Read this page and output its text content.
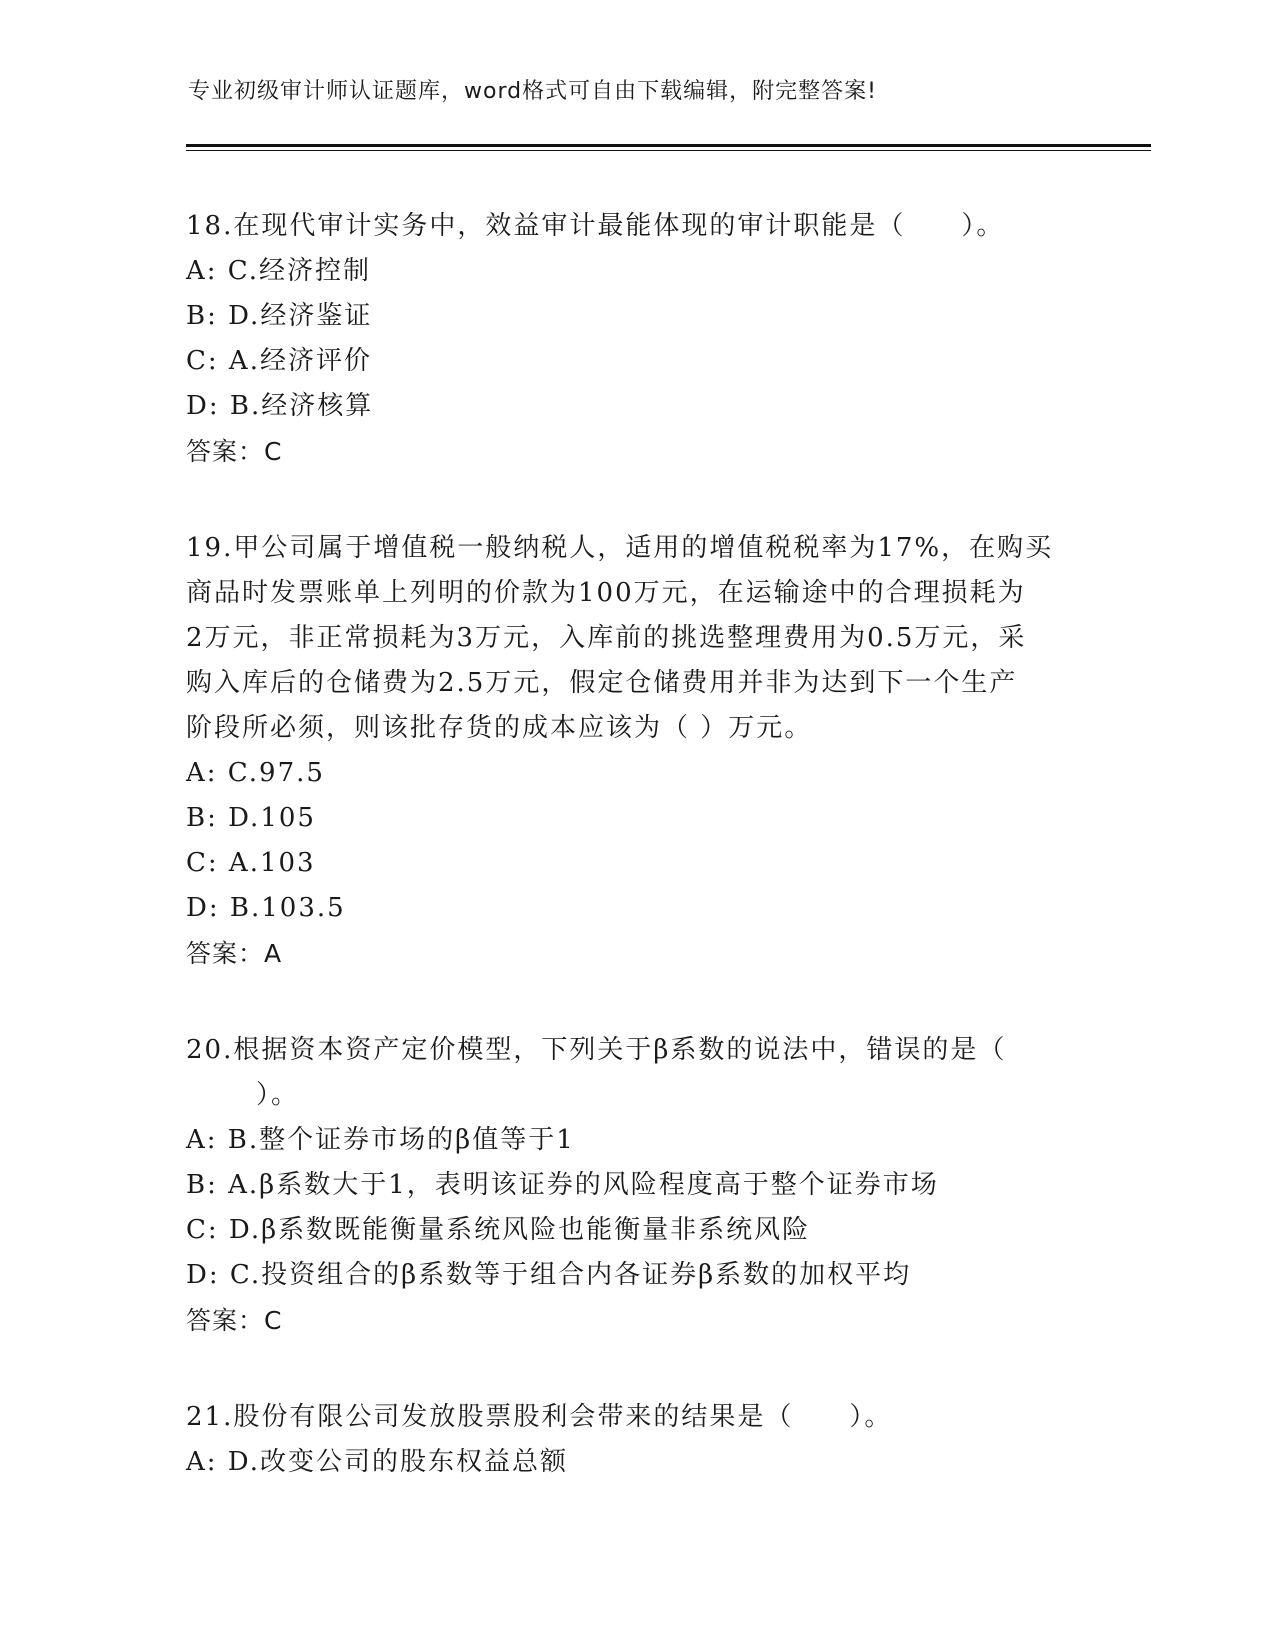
专业初级审计师认证题库，word格式可自由下载编辑，附完整答案!
18.在现代审计实务中，效益审计最能体现的审计职能是（　　）。
A: C.经济控制
B: D.经济鉴证
C: A.经济评价
D: B.经济核算
答案：C
19.甲公司属于增值税一般纳税人，适用的增值税税率为17%，在购买
商品时发票账单上列明的价款为100万元，在运输途中的合理损耗为
2万元，非正常损耗为3万元，入库前的挑选整理费用为0.5万元，采
购入库后的仓储费为2.5万元，假定仓储费用并非为达到下一个生产
阶段所必须，则该批存货的成本应该为（ ）万元。
A: C.97.5
B: D.105
C: A.103
D: B.103.5
答案：A
20.根据资本资产定价模型，下列关于β系数的说法中，错误的是（
）。
A: B.整个证券市场的β值等于1
B: A.β系数大于1，表明该证券的风险程度高于整个证券市场
C: D.β系数既能衡量系统风险也能衡量非系统风险
D: C.投资组合的β系数等于组合内各证券β系数的加权平均
答案：C
21.股份有限公司发放股票股利会带来的结果是（　　）。
A: D.改变公司的股东权益总额
